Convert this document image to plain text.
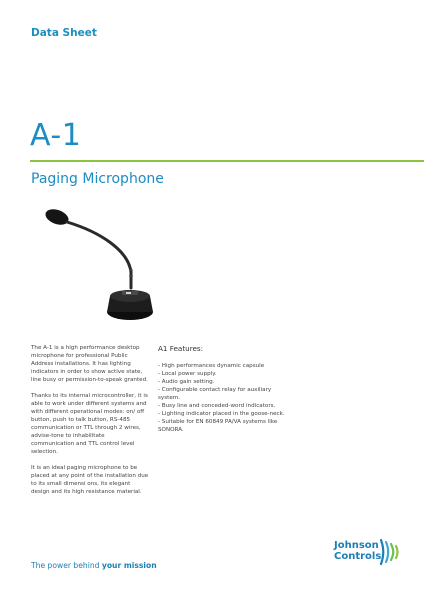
Data Sheet
A-1
Paging Microphone

The A-1 is a high performance desktop microphone for professional Public Address installations. It has lighting indicators in order to show active state, line busy or permission-to-speak granted.

Thanks to its internal microcontroller, it is able to work under different systems and with different operational modes: on/ off button, push to talk button, RS-485 communication or TTL through 2 wires, advise-tone to inhabilitate communication and TTL control level selection.

It is an ideal paging microphone to be placed at any point of the installation due to its small dimensi ons, its elegant design and its high resistance material.

A1 Features:
- High performances dynamic capsule
- Local power supply.
- Audio gain setting.
- Configurable contact relay for auxiliary system.
- Busy line and conceded-word indicators.
- Lighting indicator placed in the goose-neck.
- Suitable for EN 60849 PA/VA systems like SONORA.
The power behind your mission
Johnson
Controls
